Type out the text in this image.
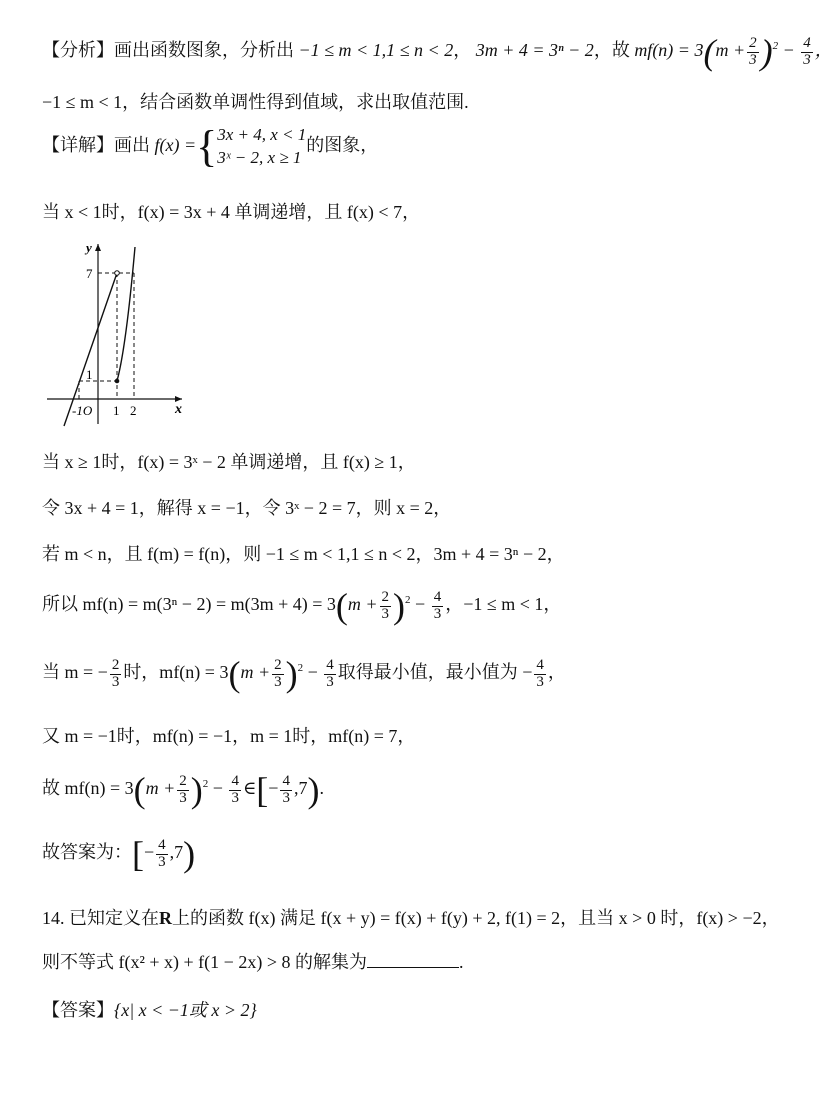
【分析】画出函数图象，分析出 −1 ≤ m < 1,1 ≤ n < 2， 3m + 4 = 3ⁿ − 2，故 $mf(n) = 3(m + \frac{2}{3} )^2 - \frac{4}{3}$ ，
−1 ≤ m < 1，结合函数单调性得到值域，求出取值范围.
【详解】画出 f(x) ={ 3x + 4, x < 1
3ˣ − 2, x ≥ 1
的图象，
当 x < 1时，f(x) = 3x + 4 单调递增，且 f(x) < 7，
y
x
7
1
-1O 1 2
当 x ≥ 1时，f(x) = 3ˣ − 2 单调递增，且 f(x) ≥ 1，
令 3x + 4 = 1，解得 x = −1，令 3ˣ − 2 = 7，则 x = 2，
若 m < n，且 f(m) = f(n)，则 −1 ≤ m < 1,1 ≤ n < 2，3m + 4 = 3ⁿ − 2，
所以 $mf(n) = m(3^n - 2) = m(3m + 4) = 3(m + \frac{2}{3} )^2 - \frac{4}{3}$ ，−1 ≤ m < 1，
当 m = − $\frac{2}{3}$ 时，$mf(n) = 3(m + \frac{2}{3} )^2 - \frac{4}{3}$ 取得最小值，最小值为 − $\frac{4}{3}$ ，
又 m = −1时，mf(n) = −1，m = 1时，mf(n) = 7，
故 $mf(n) = 3(m + \frac{2}{3} )^2 - \frac{4}{3}$ ∈[− $\frac{4}{3} ,7$).
故答案为：[− $\frac{4}{3} ,7$)
14. 已知定义在R上的函数 f(x) 满足 f(x + y) = f(x) + f(y) + 2, f(1) = 2，且当 x > 0 时，f(x) > −2，
则不等式 f(x² + x) + f(1 − 2x) > 8 的解集为	.
【答案】{x| x < −1或 x > 2}
